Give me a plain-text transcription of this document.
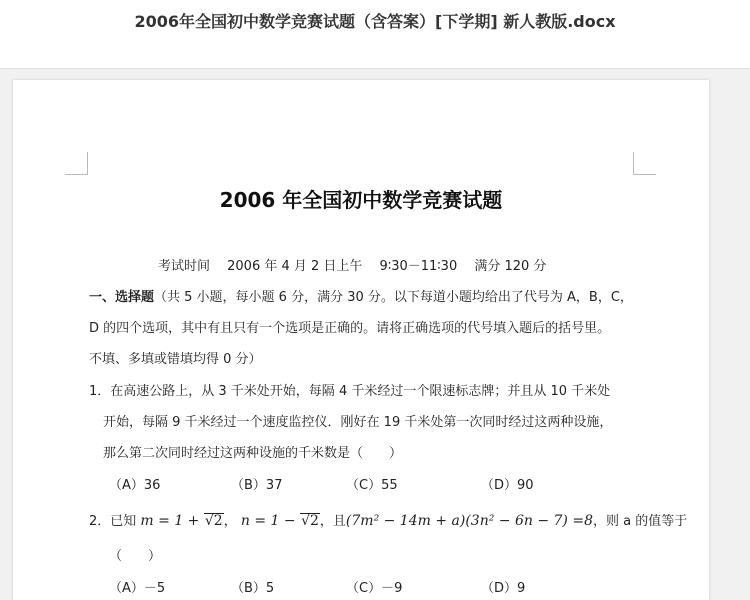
2006年全国初中数学竞赛试题（含答案）[下学期] 新人教版.docx
2006 年全国初中数学竞赛试题
考试时间　 2006 年 4 月 2 日上午　 9∶30－11∶30　 满分 120 分
一、选择题（共 5 小题，每小题 6 分，满分 30 分。以下每道小题均给出了代号为 A，B，C，
D 的四个选项，其中有且只有一个选项是正确的。请将正确选项的代号填入题后的括号里。
不填、多填或错填均得 0 分）
1．在高速公路上，从 3 千米处开始，每隔 4 千米经过一个限速标志牌；并且从 10 千米处
开始，每隔 9 千米经过一个速度监控仪．刚好在 19 千米处第一次同时经过这两种设施，
那么第二次同时经过这两种设施的千米数是（　　）
（A）36	（B）37	（C）55	（D）90
2．已知 m = 1 + √2， n = 1 − √2，且(7m² − 14m + a)(3n² − 6n − 7) =8，则 a 的值等于
（　　）
（A）－5	（B）5	（C）－9	（D）9
